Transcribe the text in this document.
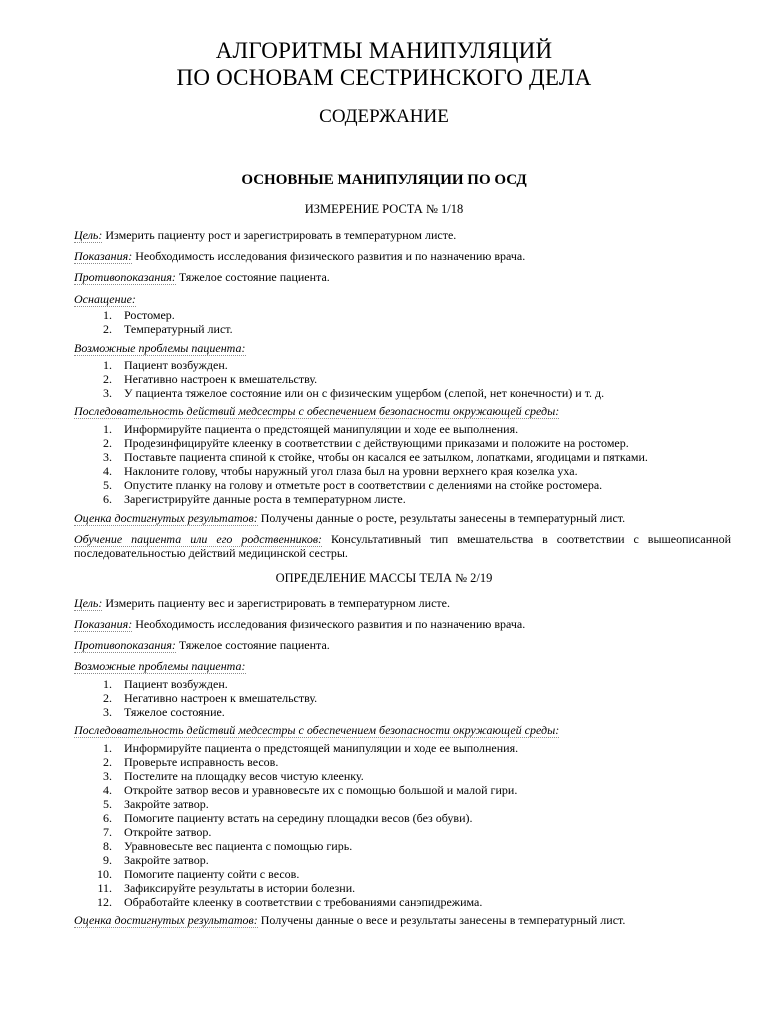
АЛГОРИТМЫ МАНИПУЛЯЦИЙ
ПО ОСНОВАМ СЕСТРИНСКОГО ДЕЛА
СОДЕРЖАНИЕ
ОСНОВНЫЕ МАНИПУЛЯЦИИ ПО ОСД
ИЗМЕРЕНИЕ РОСТА № 1/18
Цель: Измерить пациенту рост и зарегистрировать в температурном листе.
Показания: Необходимость исследования физического развития и по назначению врача.
Противопоказания: Тяжелое состояние пациента.
Оснащение:
1. Ростомер.
2. Температурный лист.
Возможные проблемы пациента:
1. Пациент возбужден.
2. Негативно настроен к вмешательству.
3. У пациента тяжелое состояние или он с физическим ущербом (слепой, нет конечности) и т. д.
Последовательность действий медсестры с обеспечением безопасности окружающей среды:
1. Информируйте пациента о предстоящей манипуляции и ходе ее выполнения.
2. Продезинфицируйте клеенку в соответствии с действующими приказами и положите на ростомер.
3. Поставьте пациента спиной к стойке, чтобы он касался ее затылком, лопатками, ягодицами и пятками.
4. Наклоните голову, чтобы наружный угол глаза был на уровни верхнего края козелка уха.
5. Опустите планку на голову и отметьте рост в соответствии с делениями на стойке ростомера.
6. Зарегистрируйте данные роста в температурном листе.
Оценка достигнутых результатов: Получены данные о росте, результаты занесены в температурный лист.
Обучение пациента или его родственников: Консультативный тип вмешательства в соответствии с вышеописанной последовательностью действий медицинской сестры.
ОПРЕДЕЛЕНИЕ МАССЫ ТЕЛА № 2/19
Цель: Измерить пациенту вес и зарегистрировать в температурном листе.
Показания: Необходимость исследования физического развития и по назначению врача.
Противопоказания: Тяжелое состояние пациента.
Возможные проблемы пациента:
1. Пациент возбужден.
2. Негативно настроен к вмешательству.
3. Тяжелое состояние.
Последовательность действий медсестры с обеспечением безопасности окружающей среды:
1. Информируйте пациента о предстоящей манипуляции и ходе ее выполнения.
2. Проверьте исправность весов.
3. Постелите на площадку весов чистую клеенку.
4. Откройте затвор весов и уравновесьте их с помощью большой и малой гири.
5. Закройте затвор.
6. Помогите пациенту встать на середину площадки весов (без обуви).
7. Откройте затвор.
8. Уравновесьте вес пациента с помощью гирь.
9. Закройте затвор.
10. Помогите пациенту сойти с весов.
11. Зафиксируйте результаты в истории болезни.
12. Обработайте клеенку в соответствии с требованиями санэпидрежима.
Оценка достигнутых результатов: Получены данные о весе и результаты занесены в температурный лист.
